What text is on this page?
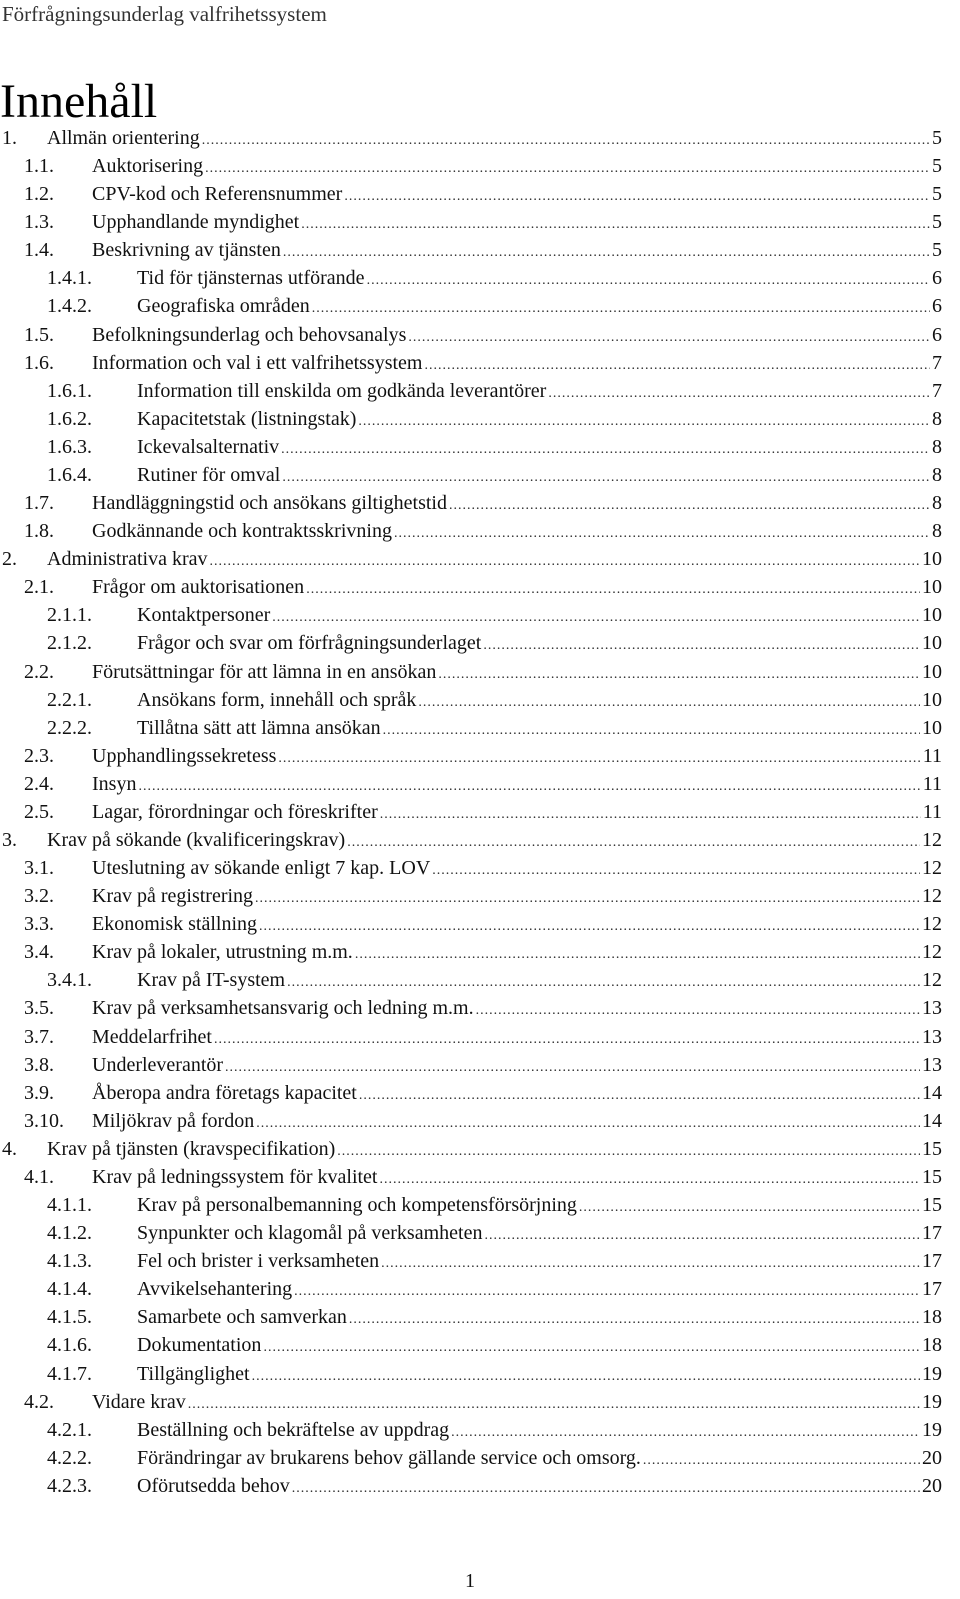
Förfrågningsunderlag valfrihetssystem
Innehåll
1.	Allmän orientering .....	5
1.1.	Auktorisering .....	5
1.2.	CPV-kod och Referensnummer .....	5
1.3.	Upphandlande myndighet .....	5
1.4.	Beskrivning av tjänsten .....	5
1.4.1.	Tid för tjänsternas utförande .....	6
1.4.2.	Geografiska områden .....	6
1.5.	Befolkningsunderlag och behovsanalys .....	6
1.6.	Information och val i ett valfrihetssystem .....	7
1.6.1.	Information till enskilda om godkända leverantörer .....	7
1.6.2.	Kapacitetstak (listningstak) .....	8
1.6.3.	Ickevalsalternativ .....	8
1.6.4.	Rutiner för omval .....	8
1.7.	Handläggningstid och ansökans giltighetstid .....	8
1.8.	Godkännande och kontraktsskrivning .....	8
2.	Administrativa krav .....	10
2.1.	Frågor om auktorisationen .....	10
2.1.1.	Kontaktpersoner .....	10
2.1.2.	Frågor och svar om förfrågningsunderlaget .....	10
2.2.	Förutsättningar för att lämna in en ansökan .....	10
2.2.1.	Ansökans form, innehåll och språk .....	10
2.2.2.	Tillåtna sätt att lämna ansökan .....	10
2.3.	Upphandlingssekretess .....	11
2.4.	Insyn .....	11
2.5.	Lagar, förordningar och föreskrifter .....	11
3.	Krav på sökande (kvalificeringskrav) .....	12
3.1.	Uteslutning av sökande enligt 7 kap. LOV .....	12
3.2.	Krav på registrering .....	12
3.3.	Ekonomisk ställning .....	12
3.4.	Krav på lokaler, utrustning m.m. .....	12
3.4.1.	Krav på IT-system .....	12
3.5.	Krav på verksamhetsansvarig och ledning m.m. .....	13
3.7.	Meddelarfrihet .....	13
3.8.	Underleverantör .....	13
3.9.	Åberopa andra företags kapacitet .....	14
3.10.	Miljökrav på fordon .....	14
4.	Krav på tjänsten (kravspecifikation) .....	15
4.1.	Krav på ledningssystem för kvalitet .....	15
4.1.1.	Krav på personalbemanning och kompetensförsörjning .....	15
4.1.2.	Synpunkter och klagomål på verksamheten .....	17
4.1.3.	Fel och brister i verksamheten .....	17
4.1.4.	Avvikelsehantering .....	17
4.1.5.	Samarbete och samverkan .....	18
4.1.6.	Dokumentation .....	18
4.1.7.	Tillgänglighet .....	19
4.2.	Vidare krav .....	19
4.2.1.	Beställning och bekräftelse av uppdrag .....	19
4.2.2.	Förändringar av brukarens behov gällande service och omsorg. .....	20
4.2.3.	Oförutsedda behov .....	20
1
